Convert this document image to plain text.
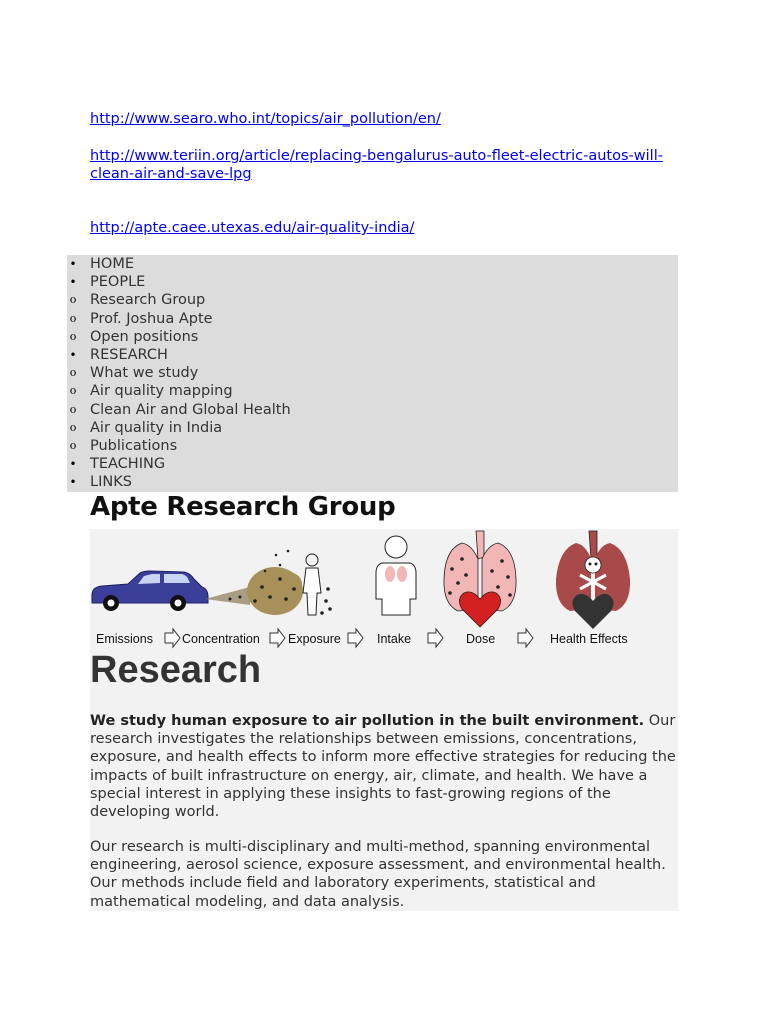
http://www.searo.who.int/topics/air_pollution/en/
http://www.teriin.org/article/replacing-bengalurus-auto-fleet-electric-autos-will-clean-air-and-save-lpg
http://apte.caee.utexas.edu/air-quality-india/
•
HOME
•
PEOPLE
o
Research Group
o
Prof. Joshua Apte
o
Open positions
•
RESEARCH
o
What we study
o
Air quality mapping
o
Clean Air and Global Health
o
Air quality in India
o
Publications
•
TEACHING
•
LINKS
Apte Research Group
Emissions Concentration Exposure	Intake	Dose	Health Effects
Research
We study human exposure to air pollution in the built environment. Our research investigates the relationships between emissions, concentrations, exposure, and health effects to inform more effective strategies for reducing the impacts of built infrastructure on energy, air, climate, and health. We have a special interest in applying these insights to fast-growing regions of the developing world.
Our research is multi-disciplinary and multi-method, spanning environmental engineering, aerosol science, exposure assessment, and environmental health. Our methods include field and laboratory experiments, statistical and mathematical modeling, and data analysis.
